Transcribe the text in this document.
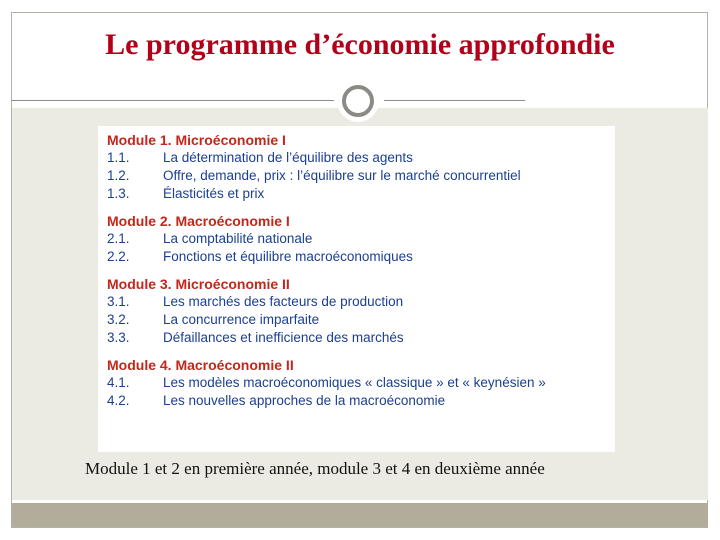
Le programme d’économie approfondie
Module 1. Microéconomie I
1.1.	La détermination de l’équilibre des agents
1.2.	Offre, demande, prix : l’équilibre sur le marché concurrentiel
1.3.	Élasticités et prix
Module 2. Macroéconomie I
2.1.	La comptabilité nationale
2.2.	Fonctions et équilibre macroéconomiques
Module 3. Microéconomie II
3.1.	Les marchés des facteurs de production
3.2.	La concurrence imparfaite
3.3.	Défaillances et inefficience des marchés
Module 4. Macroéconomie II
4.1.	Les modèles macroéconomiques « classique » et « keynésien »
4.2.	Les nouvelles approches de la macroéconomie
Module 1 et 2 en première année, module 3 et 4 en deuxième année
